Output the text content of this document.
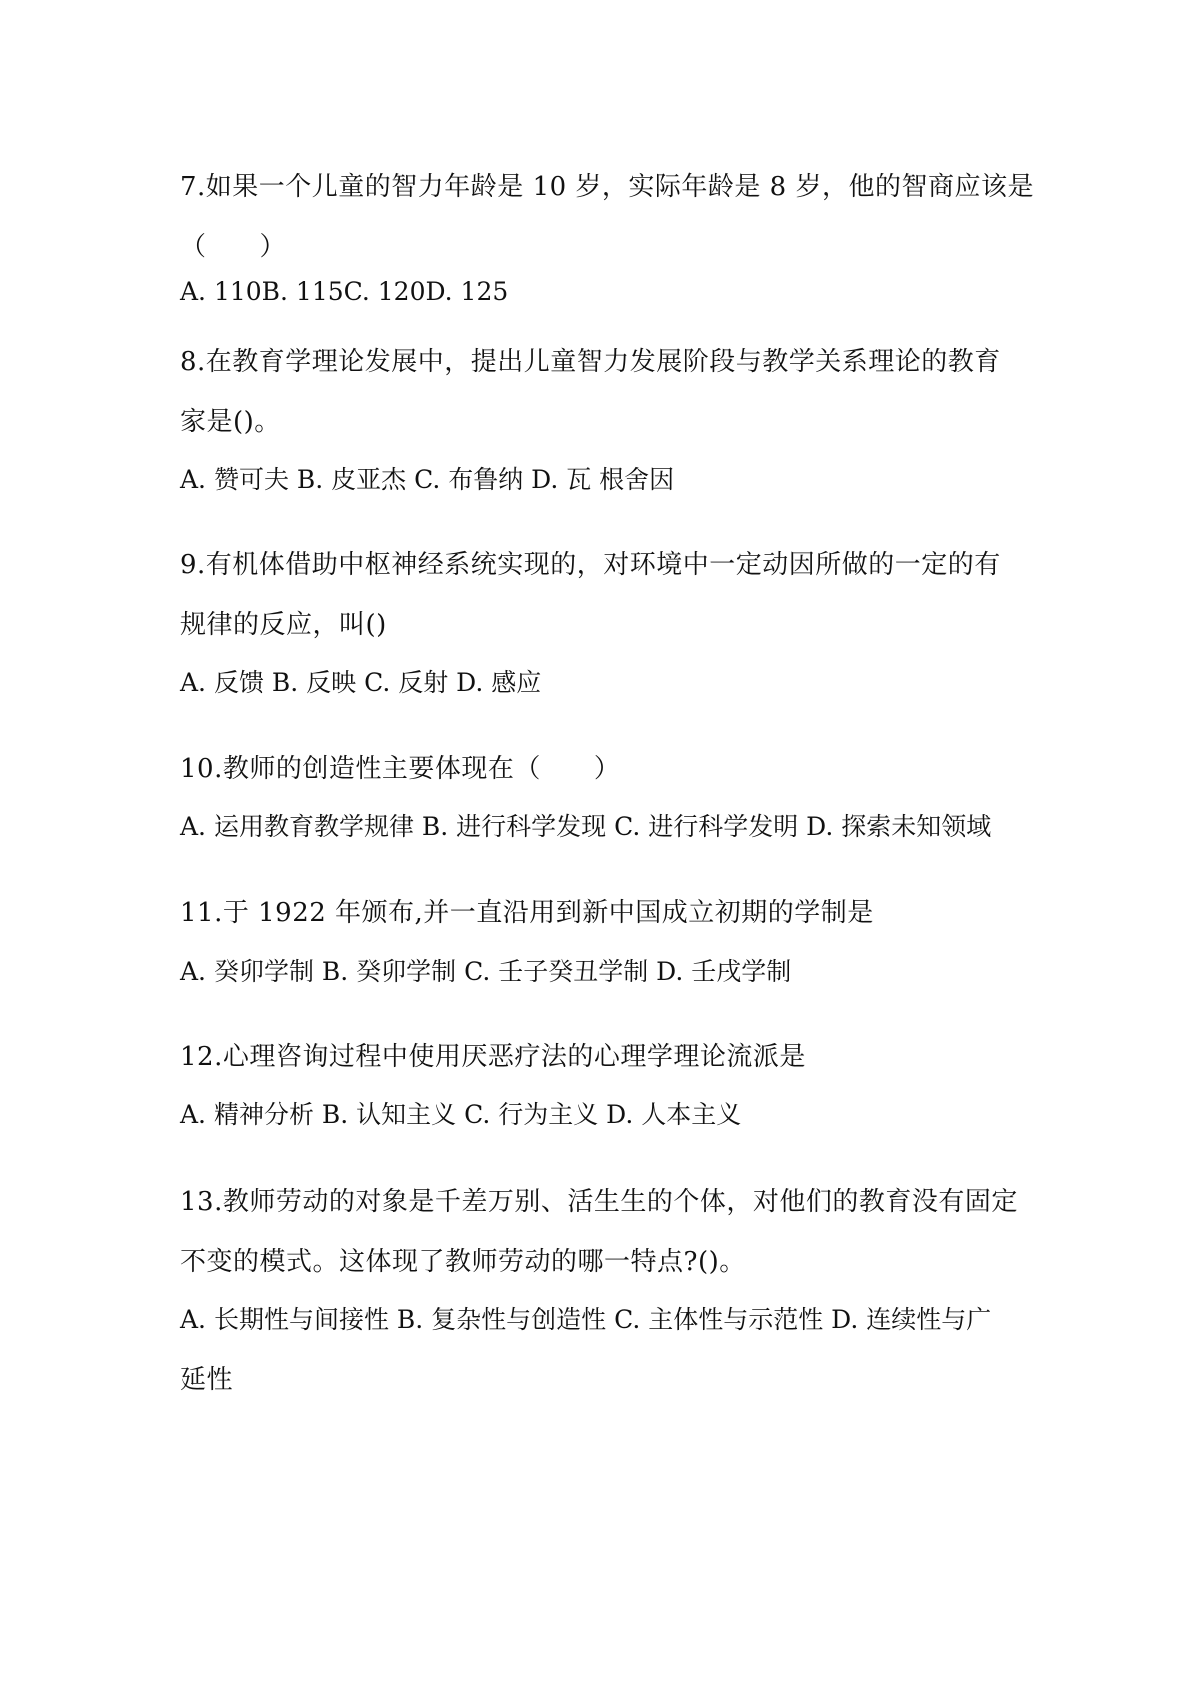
7.如果一个儿童的智力年龄是 10 岁，实际年龄是 8 岁，他的智商应该是
（　　）
A. 110B. 115C. 120D. 125
8.在教育学理论发展中，提出儿童智力发展阶段与教学关系理论的教育
家是()。
A. 赞可夫 B. 皮亚杰 C. 布鲁纳 D. 瓦 根舍因
9.有机体借助中枢神经系统实现的，对环境中一定动因所做的一定的有
规律的反应，叫()
A. 反馈 B. 反映 C. 反射 D. 感应
10.教师的创造性主要体现在（　　）
A. 运用教育教学规律 B. 进行科学发现 C. 进行科学发明 D. 探索未知领域
11.于 1922 年颁布,并一直沿用到新中国成立初期的学制是
A. 癸卯学制 B. 癸卯学制 C. 壬子癸丑学制 D. 壬戌学制
12.心理咨询过程中使用厌恶疗法的心理学理论流派是
A. 精神分析 B. 认知主义 C. 行为主义 D. 人本主义
13.教师劳动的对象是千差万别、活生生的个体，对他们的教育没有固定
不变的模式。这体现了教师劳动的哪一特点?()。
A. 长期性与间接性 B. 复杂性与创造性 C. 主体性与示范性 D. 连续性与广
延性
